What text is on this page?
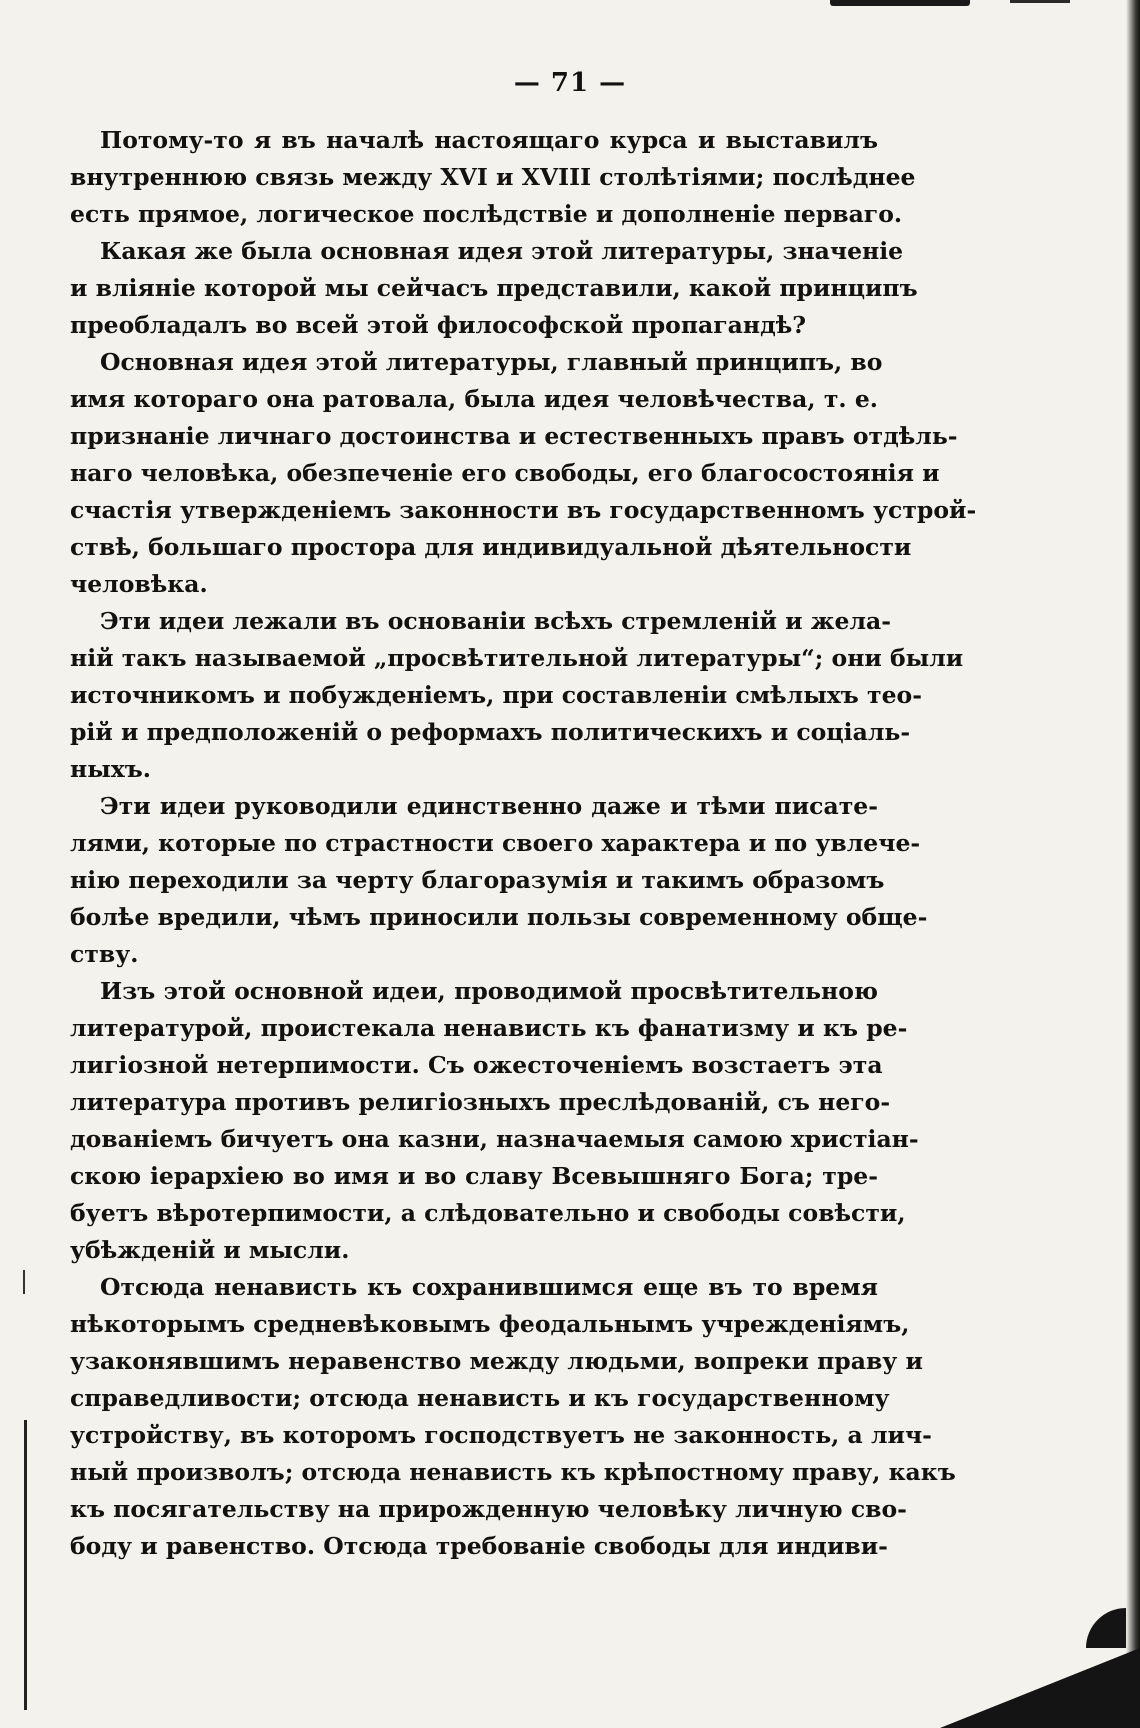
— 71 —
Потому-то я въ началѣ настоящаго курса и выставилъ
внутреннюю связь между XVI и XVIII столѣтіями; послѣднее
есть прямое, логическое послѣдствіе и дополненіе перваго.
Какая же была основная идея этой литературы, значеніе
и вліяніе которой мы сейчасъ представили, какой принципъ
преобладалъ во всей этой философской пропагандѣ?
Основная идея этой литературы, главный принципъ, во
имя котораго она ратовала, была идея человѣчества, т. е.
признаніе личнаго достоинства и естественныхъ правъ отдѣль-
наго человѣка, обезпеченіе его свободы, его благосостоянія и
счастія утвержденіемъ законности въ государственномъ устрой-
ствѣ, большаго простора для индивидуальной дѣятельности
человѣка.
Эти идеи лежали въ основаніи всѣхъ стремленій и жела-
ній такъ называемой „просвѣтительной литературы“; они были
источникомъ и побужденіемъ, при составленіи смѣлыхъ тео-
рій и предположеній о реформахъ политическихъ и соціаль-
ныхъ.
Эти идеи руководили единственно даже и тѣми писате-
лями, которые по страстности своего характера и по увлече-
нію переходили за черту благоразумія и такимъ образомъ
болѣе вредили, чѣмъ приносили пользы современному обще-
ству.
Изъ этой основной идеи, проводимой просвѣтительною
литературой, проистекала ненависть къ фанатизму и къ ре-
лигіозной нетерпимости. Съ ожесточеніемъ возстаетъ эта
литература противъ религіозныхъ преслѣдованій, съ него-
дованіемъ бичуетъ она казни, назначаемыя самою христіан-
скою іерархіею во имя и во славу Всевышняго Бога; тре-
буетъ вѣротерпимости, а слѣдовательно и свободы совѣсти,
убѣжденій и мысли.
Отсюда ненависть къ сохранившимся еще въ то время
нѣкоторымъ средневѣковымъ феодальнымъ учрежденіямъ,
узаконявшимъ неравенство между людьми, вопреки праву и
справедливости; отсюда ненависть и къ государственному
устройству, въ которомъ господствуетъ не законность, а лич-
ный произволъ; отсюда ненависть къ крѣпостному праву, какъ
къ посягательству на прирожденную человѣку личную сво-
боду и равенство. Отсюда требованіе свободы для индиви-
